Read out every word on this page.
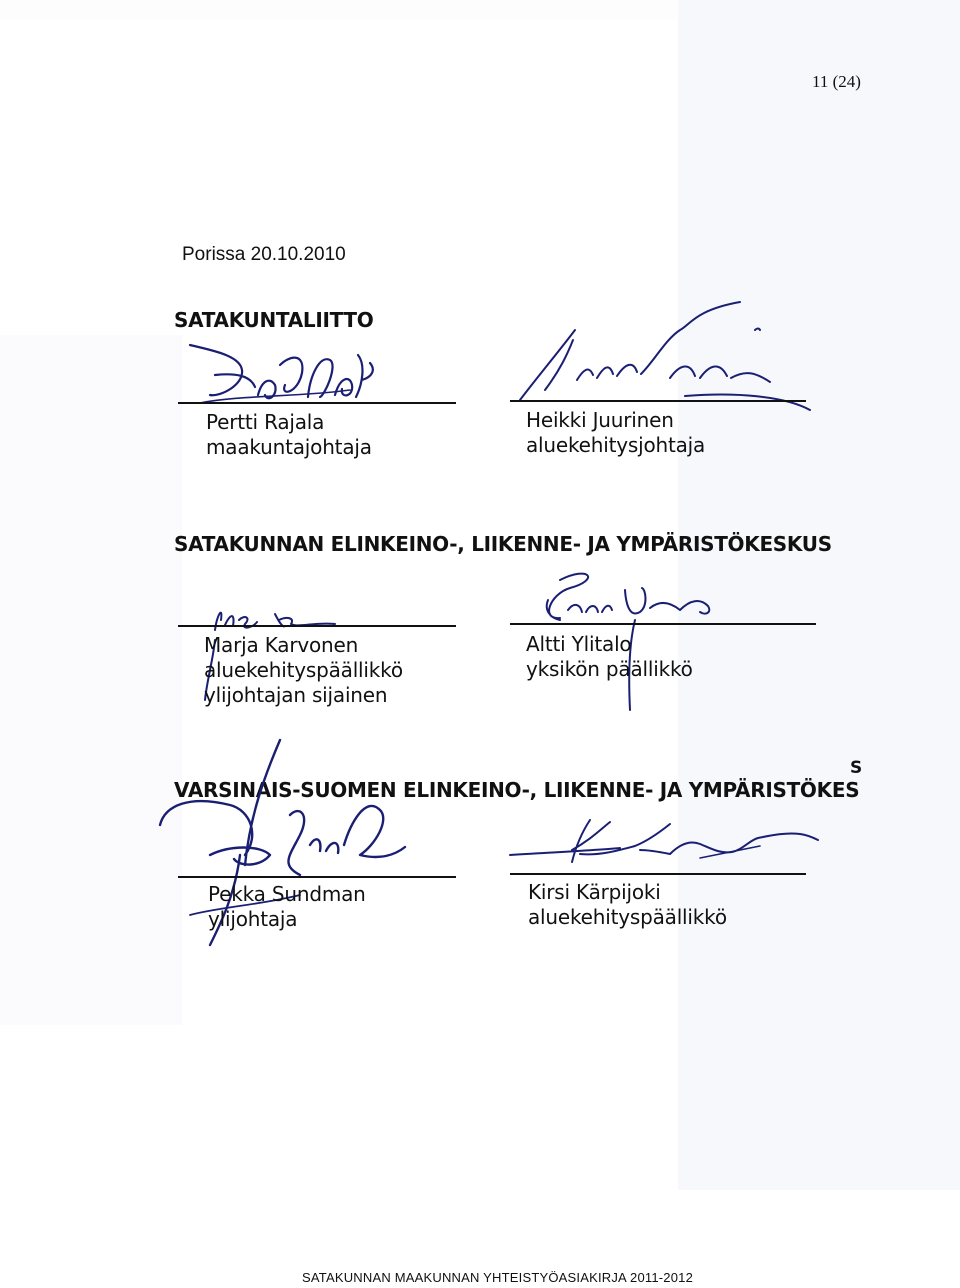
11 (24)
Porissa 20.10.2010
SATAKUNTALIITTO
Pertti Rajala
maakuntajohtaja
Heikki Juurinen
aluekehitysjohtaja
SATAKUNNAN ELINKEINO-, LIIKENNE- JA YMPÄRISTÖKESKUS
Marja Karvonen
aluekehityspäällikkö
ylijohtajan sijainen
Altti Ylitalo
yksikön päällikkö
VARSINAIS-SUOMEN ELINKEINO-, LIIKENNE- JA YMPÄRISTÖKES
S
Pekka Sundman
ylijohtaja
Kirsi Kärpijoki
aluekehityspäällikkö
SATAKUNNAN MAAKUNNAN YHTEISTYÖASIAKIRJA 2011-2012
